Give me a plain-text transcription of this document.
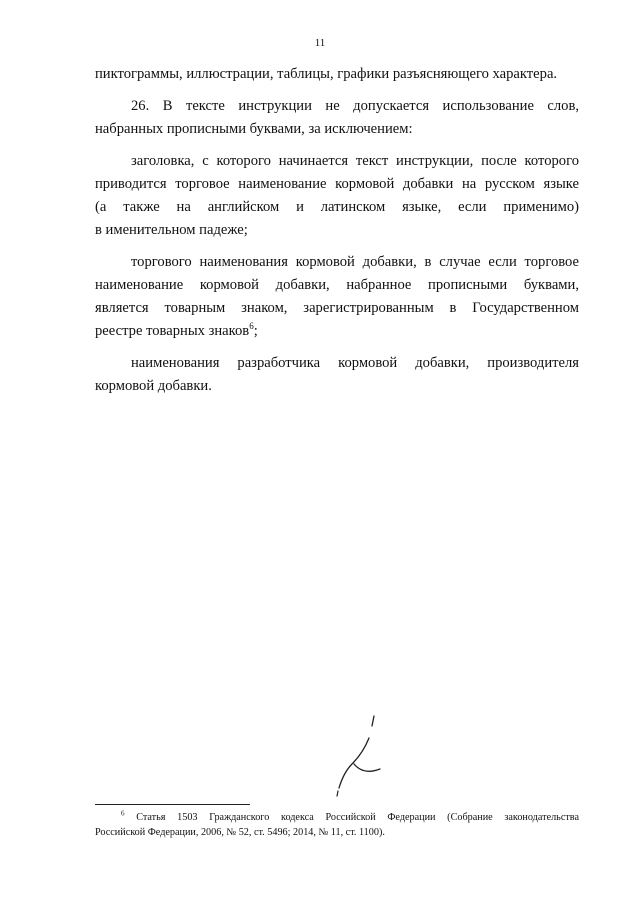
11
пиктограммы, иллюстрации, таблицы, графики разъясняющего характера.
26. В тексте инструкции не допускается использование слов,
набранных прописными буквами, за исключением:
заголовка, с которого начинается текст инструкции, после которого
приводится торговое наименование кормовой добавки на русском языке
(а также на английском и латинском языке, если применимо)
в именительном падеже;
торгового наименования кормовой добавки, в случае если торговое
наименование кормовой добавки, набранное прописными буквами,
является товарным знаком, зарегистрированным в Государственном
реестре товарных знаков$^6$;
наименования разработчика кормовой добавки, производителя
кормовой добавки.
$^6$ Статья 1503 Гражданского кодекса Российской Федерации (Собрание законодательства
Российской Федерации, 2006, № 52, ст. 5496; 2014, № 11, ст. 1100).
